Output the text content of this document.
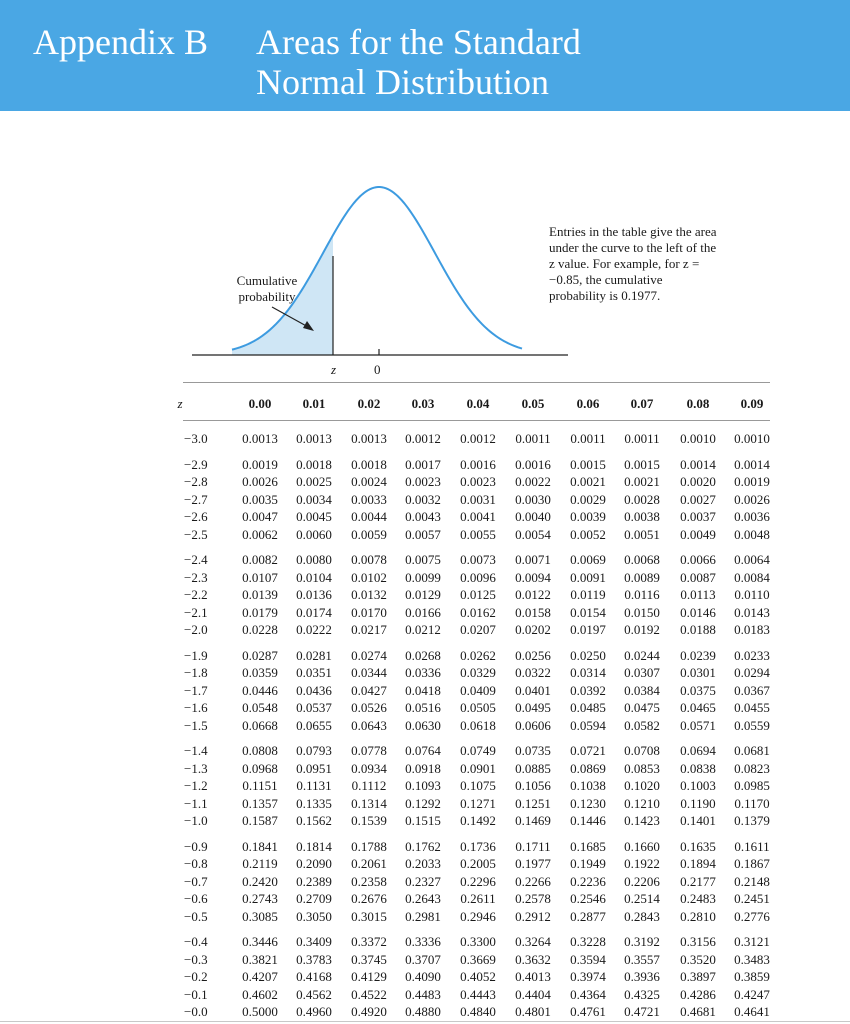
Appendix B Areas for the Standard Normal Distribution
Cumulative probability
Entries in the table give the area under the curve to the left of the z value. For example, for z = −0.85, the cumulative probability is 0.1977.
z	0
z	0.00	0.01	0.02	0.03	0.04	0.05	0.06	0.07	0.08	0.09
−3.0	0.0013	0.0013	0.0013	0.0012	0.0012	0.0011	0.0011	0.0011	0.0010	0.0010
−2.9	0.0019	0.0018	0.0018	0.0017	0.0016	0.0016	0.0015	0.0015	0.0014	0.0014
−2.8	0.0026	0.0025	0.0024	0.0023	0.0023	0.0022	0.0021	0.0021	0.0020	0.0019
−2.7	0.0035	0.0034	0.0033	0.0032	0.0031	0.0030	0.0029	0.0028	0.0027	0.0026
−2.6	0.0047	0.0045	0.0044	0.0043	0.0041	0.0040	0.0039	0.0038	0.0037	0.0036
−2.5	0.0062	0.0060	0.0059	0.0057	0.0055	0.0054	0.0052	0.0051	0.0049	0.0048
−2.4	0.0082	0.0080	0.0078	0.0075	0.0073	0.0071	0.0069	0.0068	0.0066	0.0064
−2.3	0.0107	0.0104	0.0102	0.0099	0.0096	0.0094	0.0091	0.0089	0.0087	0.0084
−2.2	0.0139	0.0136	0.0132	0.0129	0.0125	0.0122	0.0119	0.0116	0.0113	0.0110
−2.1	0.0179	0.0174	0.0170	0.0166	0.0162	0.0158	0.0154	0.0150	0.0146	0.0143
−2.0	0.0228	0.0222	0.0217	0.0212	0.0207	0.0202	0.0197	0.0192	0.0188	0.0183
−1.9	0.0287	0.0281	0.0274	0.0268	0.0262	0.0256	0.0250	0.0244	0.0239	0.0233
−1.8	0.0359	0.0351	0.0344	0.0336	0.0329	0.0322	0.0314	0.0307	0.0301	0.0294
−1.7	0.0446	0.0436	0.0427	0.0418	0.0409	0.0401	0.0392	0.0384	0.0375	0.0367
−1.6	0.0548	0.0537	0.0526	0.0516	0.0505	0.0495	0.0485	0.0475	0.0465	0.0455
−1.5	0.0668	0.0655	0.0643	0.0630	0.0618	0.0606	0.0594	0.0582	0.0571	0.0559
−1.4	0.0808	0.0793	0.0778	0.0764	0.0749	0.0735	0.0721	0.0708	0.0694	0.0681
−1.3	0.0968	0.0951	0.0934	0.0918	0.0901	0.0885	0.0869	0.0853	0.0838	0.0823
−1.2	0.1151	0.1131	0.1112	0.1093	0.1075	0.1056	0.1038	0.1020	0.1003	0.0985
−1.1	0.1357	0.1335	0.1314	0.1292	0.1271	0.1251	0.1230	0.1210	0.1190	0.1170
−1.0	0.1587	0.1562	0.1539	0.1515	0.1492	0.1469	0.1446	0.1423	0.1401	0.1379
−0.9	0.1841	0.1814	0.1788	0.1762	0.1736	0.1711	0.1685	0.1660	0.1635	0.1611
−0.8	0.2119	0.2090	0.2061	0.2033	0.2005	0.1977	0.1949	0.1922	0.1894	0.1867
−0.7	0.2420	0.2389	0.2358	0.2327	0.2296	0.2266	0.2236	0.2206	0.2177	0.2148
−0.6	0.2743	0.2709	0.2676	0.2643	0.2611	0.2578	0.2546	0.2514	0.2483	0.2451
−0.5	0.3085	0.3050	0.3015	0.2981	0.2946	0.2912	0.2877	0.2843	0.2810	0.2776
−0.4	0.3446	0.3409	0.3372	0.3336	0.3300	0.3264	0.3228	0.3192	0.3156	0.3121
−0.3	0.3821	0.3783	0.3745	0.3707	0.3669	0.3632	0.3594	0.3557	0.3520	0.3483
−0.2	0.4207	0.4168	0.4129	0.4090	0.4052	0.4013	0.3974	0.3936	0.3897	0.3859
−0.1	0.4602	0.4562	0.4522	0.4483	0.4443	0.4404	0.4364	0.4325	0.4286	0.4247
−0.0	0.5000	0.4960	0.4920	0.4880	0.4840	0.4801	0.4761	0.4721	0.4681	0.4641
